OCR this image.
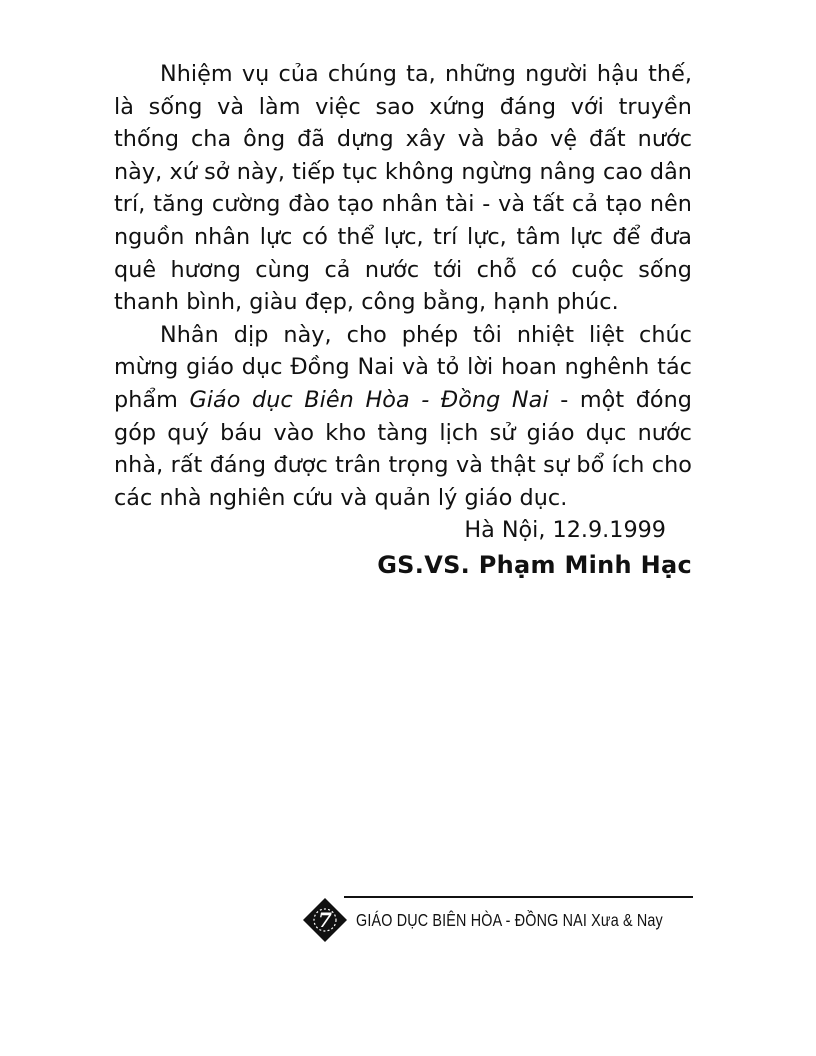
Nhiệm vụ của chúng ta, những người hậu thế, là sống và làm việc sao xứng đáng với truyền thống cha ông đã dựng xây và bảo vệ đất nước này, xứ sở này, tiếp tục không ngừng nâng cao dân trí, tăng cường đào tạo nhân tài - và tất cả tạo nên nguồn nhân lực có thể lực, trí lực, tâm lực để đưa quê hương cùng cả nước tới chỗ có cuộc sống thanh bình, giàu đẹp, công bằng, hạnh phúc.

Nhân dịp này, cho phép tôi nhiệt liệt chúc mừng giáo dục Đồng Nai và tỏ lời hoan nghênh tác phẩm Giáo dục Biên Hòa - Đồng Nai - một đóng góp quý báu vào kho tàng lịch sử giáo dục nước nhà, rất đáng được trân trọng và thật sự bổ ích cho các nhà nghiên cứu và quản lý giáo dục.

Hà Nội, 12.9.1999

GS.VS. Phạm Minh Hạc

7 GIÁO DỤC BIÊN HÒA - ĐỒNG NAI Xưa & Nay
